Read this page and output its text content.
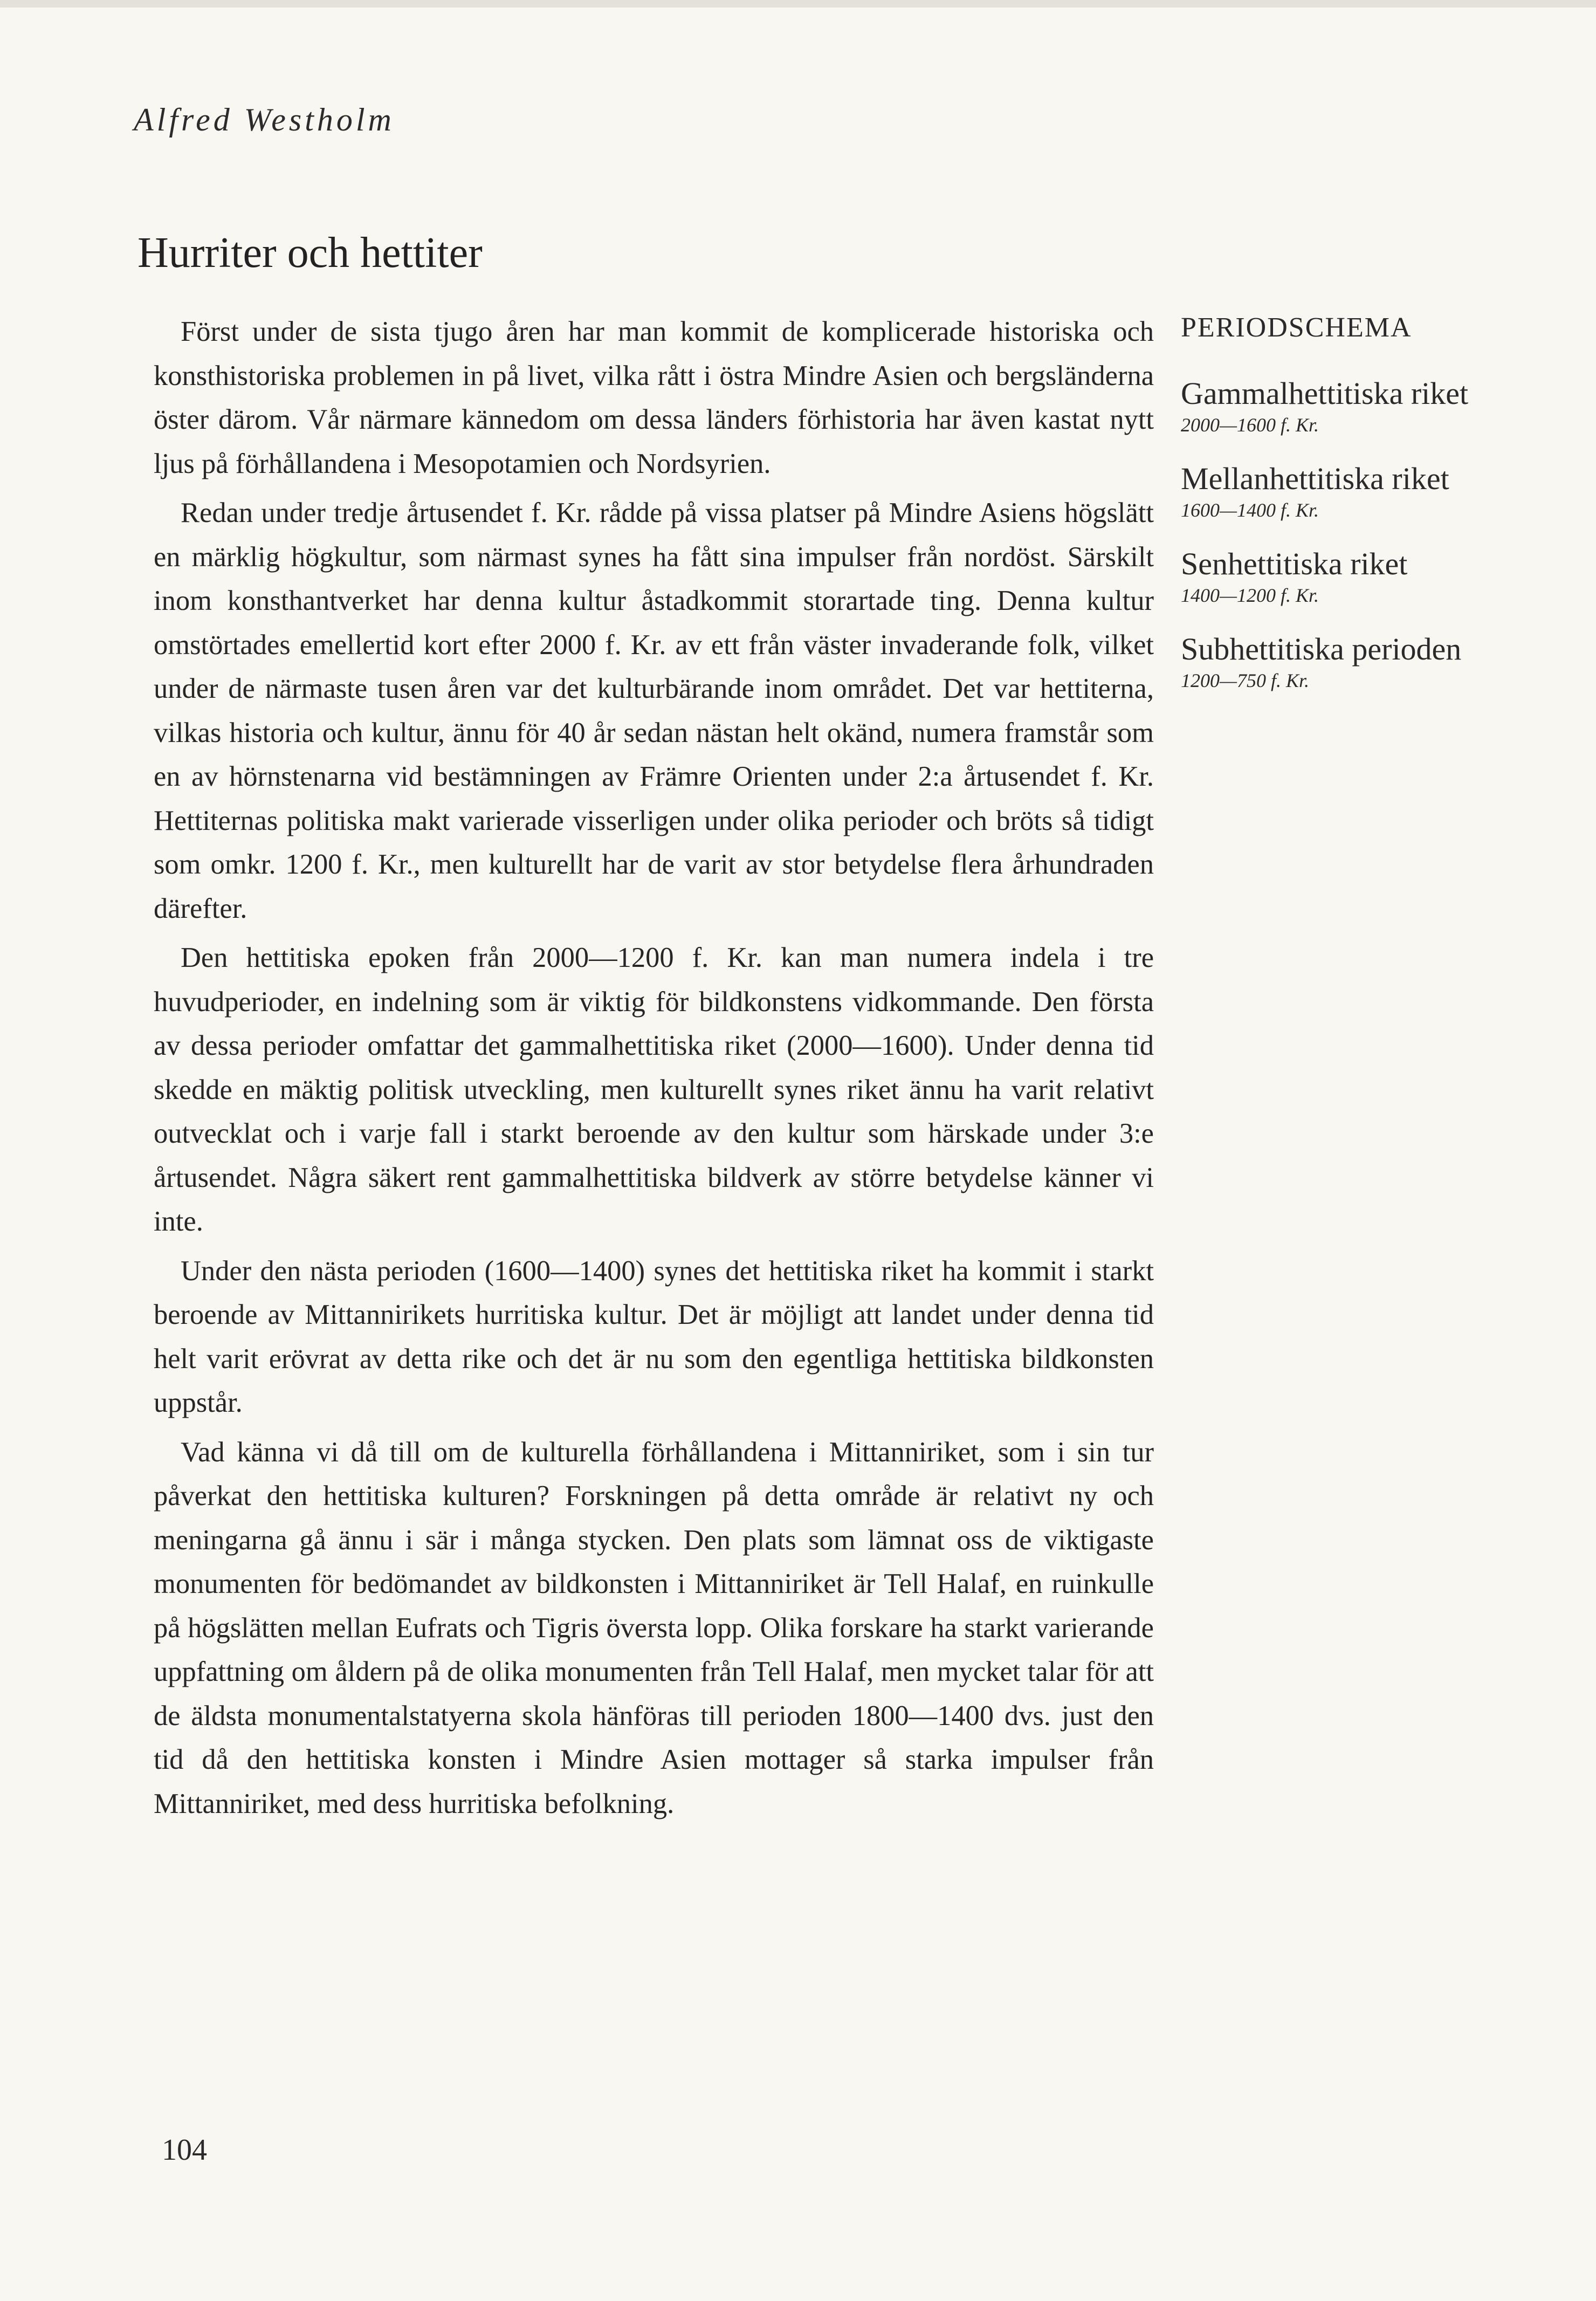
Alfred Westholm
Hurriter och hettiter

Först under de sista tjugo åren har man kommit de komplicerade historiska och konsthistoriska problemen in på livet, vilka rått i östra Mindre Asien och bergsländerna öster därom. Vår närmare kännedom om dessa länders förhistoria har även kastat nytt ljus på förhållandena i Mesopotamien och Nordsyrien.

Redan under tredje årtusendet f. Kr. rådde på vissa platser på Mindre Asiens högslätt en märklig högkultur, som närmast synes ha fått sina impulser från nordöst. Särskilt inom konsthantverket har denna kultur åstadkommit storartade ting. Denna kultur omstörtades emellertid kort efter 2000 f. Kr. av ett från väster invaderande folk, vilket under de närmaste tusen åren var det kulturbärande inom området. Det var hettiterna, vilkas historia och kultur, ännu för 40 år sedan nästan helt okänd, numera framstår som en av hörnstenarna vid bestämningen av Främre Orienten under 2:a årtusendet f. Kr. Hettiternas politiska makt varierade visserligen under olika perioder och bröts så tidigt som omkr. 1200 f. Kr., men kulturellt har de varit av stor betydelse flera århundraden därefter.

Den hettitiska epoken från 2000—1200 f. Kr. kan man numera indela i tre huvudperioder, en indelning som är viktig för bildkonstens vidkommande. Den första av dessa perioder omfattar det gammalhettitiska riket (2000—1600). Under denna tid skedde en mäktig politisk utveckling, men kulturellt synes riket ännu ha varit relativt outvecklat och i varje fall i starkt beroende av den kultur som härskade under 3:e årtusendet. Några säkert rent gammalhettitiska bildverk av större betydelse känner vi inte.

Under den nästa perioden (1600—1400) synes det hettitiska riket ha kommit i starkt beroende av Mittannirikets hurritiska kultur. Det är möjligt att landet under denna tid helt varit erövrat av detta rike och det är nu som den egentliga hettitiska bildkonsten uppstår.

Vad känna vi då till om de kulturella förhållandena i Mittanniriket, som i sin tur påverkat den hettitiska kulturen? Forskningen på detta område är relativt ny och meningarna gå ännu i sär i många stycken. Den plats som lämnat oss de viktigaste monumenten för bedömandet av bildkonsten i Mittanniriket är Tell Halaf, en ruinkulle på högslätten mellan Eufrats och Tigris översta lopp. Olika forskare ha starkt varierande uppfattning om åldern på de olika monumenten från Tell Halaf, men mycket talar för att de äldsta monumentalstatyerna skola hänföras till perioden 1800—1400 dvs. just den tid då den hettitiska konsten i Mindre Asien mottager så starka impulser från Mittanniriket, med dess hurritiska befolkning.

PERIODSCHEMA
Gammalhettitiska riket
2000—1600 f. Kr.
Mellanhettitiska riket
1600—1400 f. Kr.
Senhettitiska riket
1400—1200 f. Kr.
Subhettitiska perioden
1200—750 f. Kr.
104
